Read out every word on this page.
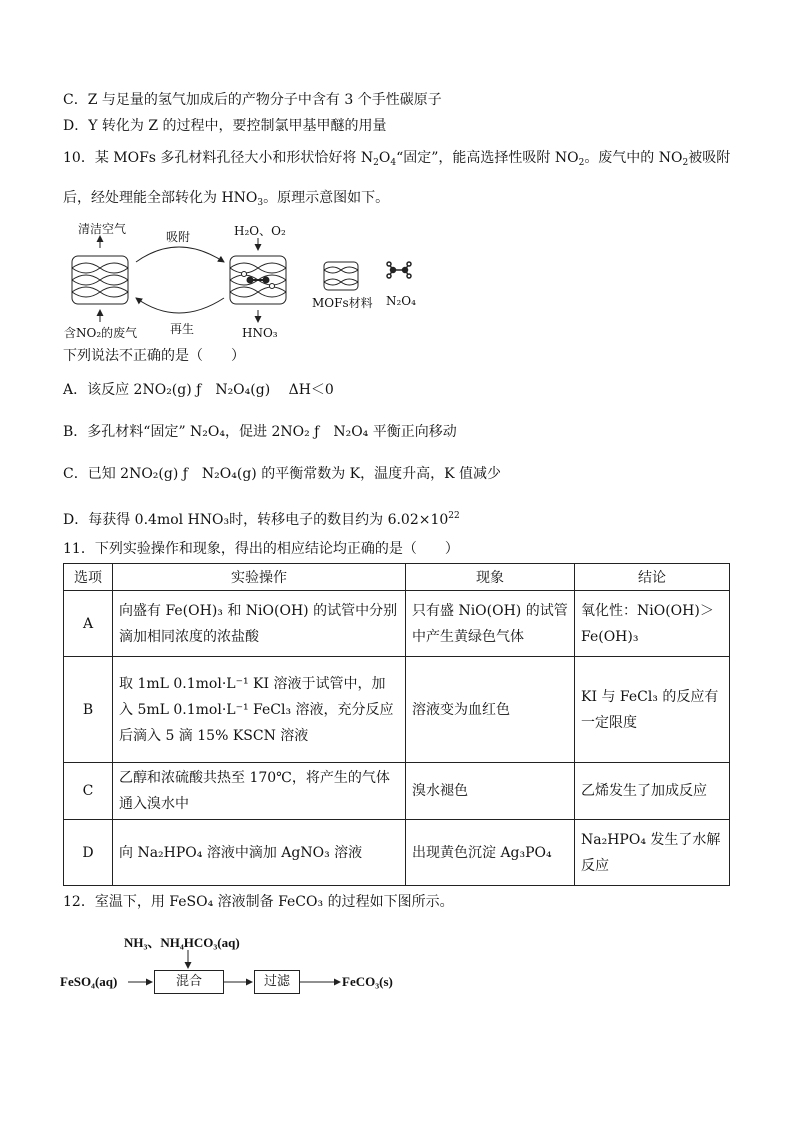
C．Z 与足量的氢气加成后的产物分子中含有 3 个手性碳原子
D．Y 转化为 Z 的过程中，要控制氯甲基甲醚的用量
10．某 MOFs 多孔材料孔径大小和形状恰好将 $N_2O_4“$固定”，能高选择性吸附 $NO_2$。废气中的 $NO_2$被吸附
后，经处理能全部转化为 $HNO_3$。原理示意图如下。
清洁空气
吸附	H₂O、O₂
含NO₂的废气	再生	HNO₃
MOFs材料 N₂O₄
下列说法不正确的是（　　）
A．该反应 2NO₂(g) ƒ　N₂O₄(g)　 ΔH＜0
B．多孔材料“固定” N₂O₄，促进 2NO₂ ƒ　N₂O₄ 平衡正向移动
C．已知 2NO₂(g) ƒ　N₂O₄(g) 的平衡常数为 K，温度升高，K 值减少
D．每获得 0.4mol HNO₃时，转移电子的数目约为 $6.02\times 10^{22}$
11．下列实验操作和现象，得出的相应结论均正确的是（　　）
选项	实验操作	现象	结论
A	向盛有 Fe(OH)₃ 和 NiO(OH) 的试管中分别滴加相同浓度的浓盐酸	只有盛 NiO(OH) 的试管中产生黄绿色气体	氧化性：NiO(OH)＞Fe(OH)₃
B	取 1mL 0.1mol·L⁻¹ KI 溶液于试管中，加入 5mL 0.1mol·L⁻¹ FeCl₃ 溶液，充分反应后滴入 5 滴 15% KSCN 溶液	溶液变为血红色	KI 与 FeCl₃ 的反应有一定限度
C	乙醇和浓硫酸共热至 170℃，将产生的气体通入溴水中	溴水褪色	乙烯发生了加成反应
D	向 Na₂HPO₄ 溶液中滴加 AgNO₃ 溶液	出现黄色沉淀 Ag₃PO₄	Na₂HPO₄ 发生了水解反应
12．室温下，用 FeSO₄ 溶液制备 FeCO₃ 的过程如下图所示。
NH₃、NH₄HCO₃(aq)
FeSO₄(aq)	混合	过滤	FeCO₃(s)
